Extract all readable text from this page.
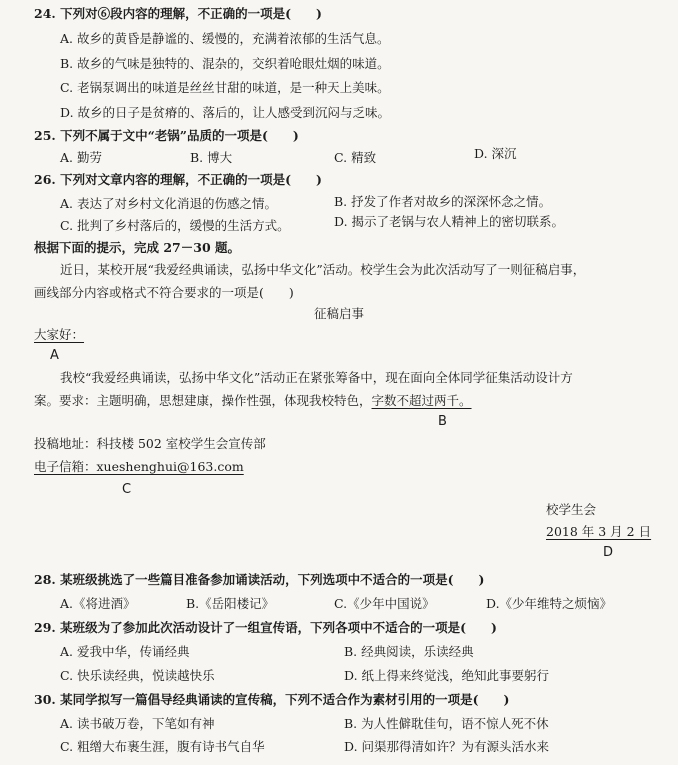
24. 下列对⑥段内容的理解，不正确的一项是(　　)
A. 故乡的黄昏是静谧的、缓慢的，充满着浓郁的生活气息。
B. 故乡的气味是独特的、混杂的，交织着呛眼灶烟的味道。
C. 老锅泵调出的味道是丝丝甘甜的味道，是一种天上美味。
D. 故乡的日子是贫瘠的、落后的，让人感受到沉闷与乏味。
25. 下列不属于文中“老锅”品质的一项是(　　)
A. 勤劳	B. 博大	C. 精致	D. 深沉
26. 下列对文章内容的理解，不正确的一项是(　　)
A. 表达了对乡村文化消退的伤感之情。	B. 抒发了作者对故乡的深深怀念之情。
C. 批判了乡村落后的，缓慢的生活方式。	D. 揭示了老锅与农人精神上的密切联系。
根据下面的提示，完成 27－30 题。
近日，某校开展“我爱经典诵读，弘扬中华文化”活动。校学生会为此次活动写了一则征稿启事，
画线部分内容或格式不符合要求的一项是(　　)
征稿启事
大家好：
A
我校“我爱经典诵读，弘扬中华文化”活动正在紧张筹备中，现在面向全体同学征集活动设计方
案。要求：主题明确，思想建康，操作性强，体现我校特色，字数不超过两千。
B
投稿地址：科技楼 502 室校学生会宣传部
电子信箱：xueshenghui@163.com
C
校学生会
2018 年 3 月 2 日
D
28. 某班级挑选了一些篇目准备参加诵读活动，下列选项中不适合的一项是(　　)
A.《将进酒》	B.《岳阳楼记》	C.《少年中国说》	D.《少年维特之烦恼》
29. 某班级为了参加此次活动设计了一组宣传语，下列各项中不适合的一项是(　　)
A. 爱我中华，传诵经典	B. 经典阅读，乐读经典
C. 快乐读经典，悦读越快乐	D. 纸上得来终觉浅，绝知此事要躬行
30. 某同学拟写一篇倡导经典诵读的宣传稿，下列不适合作为素材引用的一项是(　　)
A. 读书破万卷，下笔如有神	B. 为人性僻耽佳句，语不惊人死不休
C. 粗缯大布裹生涯，腹有诗书气自华	D. 问渠那得清如许？为有源头活水来
